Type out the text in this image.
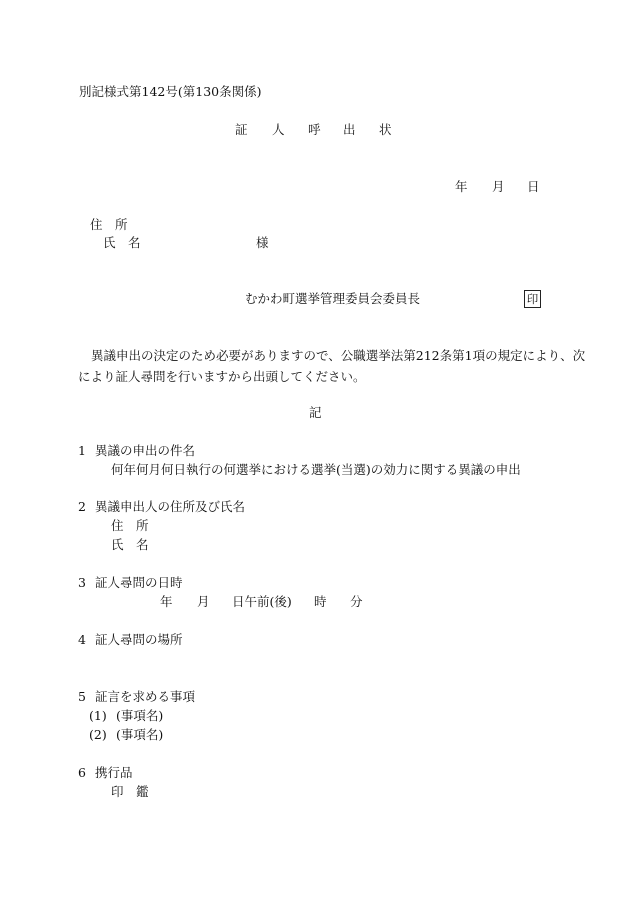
別記様式第142号(第130条関係)
証 人 呼 出 状
年 月 日
住　所
氏　名	様
むかわ町選挙管理委員会委員長	印
異議申出の決定のため必要がありますので、公職選挙法第212条第1項の規定により、次
により証人尋問を行いますから出頭してください。
記
1 異議の申出の件名
何年何月何日執行の何選挙における選挙(当選)の効力に関する異議の申出
2 異議申出人の住所及び氏名
住　所
氏　名
3 証人尋問の日時
年 月 日午前(後) 時 分
4 証人尋問の場所
5 証言を求める事項
(1) (事項名)
(2) (事項名)
6 携行品
印　鑑
